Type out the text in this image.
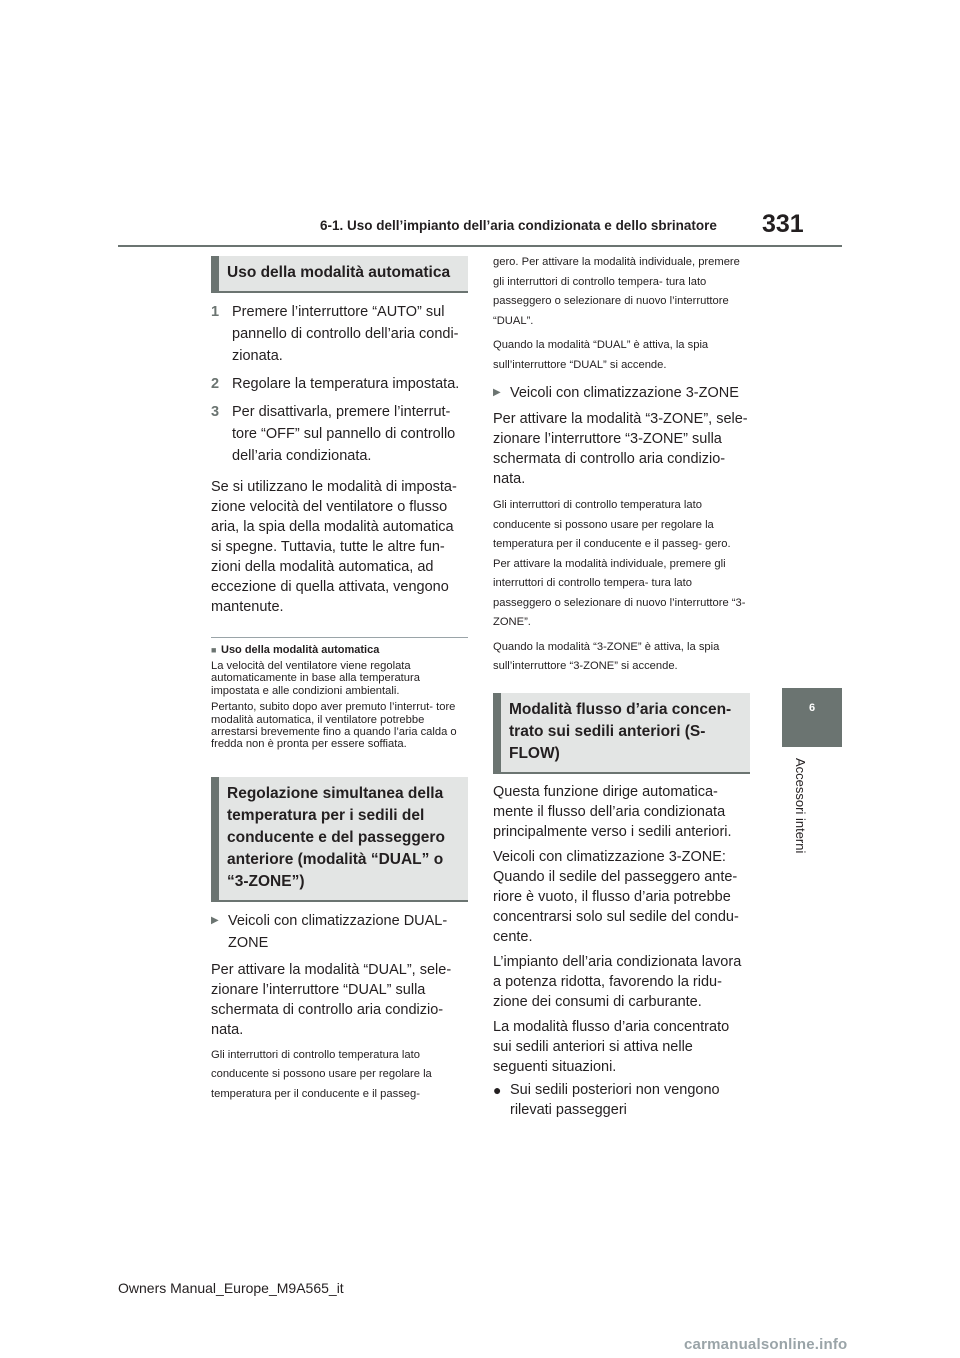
6-1. Uso dell’impianto dell’aria condizionata e dello sbrinatore 331
6
Accessori interni
Uso della modalità automatica
1 Premere l’interruttore “AUTO” sul pannello di controllo dell’aria condi- zionata.
2 Regolare la temperatura impostata.
3 Per disattivarla, premere l’interrut- tore “OFF” sul pannello di controllo dell’aria condizionata.

Se si utilizzano le modalità di imposta- zione velocità del ventilatore o flusso aria, la spia della modalità automatica si spegne. Tuttavia, tutte le altre fun- zioni della modalità automatica, ad eccezione di quella attivata, vengono mantenute.

■ Uso della modalità automatica

La velocità del ventilatore viene regolata automaticamente in base alla temperatura impostata e alle condizioni ambientali.

Pertanto, subito dopo aver premuto l’interrut- tore modalità automatica, il ventilatore potrebbe arrestarsi brevemente fino a quando l’aria calda o fredda non è pronta per essere soffiata.

Regolazione simultanea della temperatura per i sedili del conducente e del passeggero anteriore (modalità “DUAL” o “3-ZONE”)
▶ Veicoli con climatizzazione DUAL- ZONE

Per attivare la modalità “DUAL”, sele- zionare l’interruttore “DUAL” sulla schermata di controllo aria condizio- nata.

Gli interruttori di controllo temperatura lato conducente si possono usare per regolare la temperatura per il conducente e il passeg-

gero. Per attivare la modalità individuale, premere gli interruttori di controllo tempera- tura lato passeggero o selezionare di nuovo l’interruttore “DUAL”.

Quando la modalità “DUAL” è attiva, la spia sull’interruttore “DUAL” si accende.

▶ Veicoli con climatizzazione 3-ZONE

Per attivare la modalità “3-ZONE”, sele- zionare l’interruttore “3-ZONE” sulla schermata di controllo aria condizio- nata.

Gli interruttori di controllo temperatura lato conducente si possono usare per regolare la temperatura per il conducente e il passeg- gero. Per attivare la modalità individuale, premere gli interruttori di controllo tempera- tura lato passeggero o selezionare di nuovo l’interruttore “3-ZONE”.

Quando la modalità “3-ZONE” è attiva, la spia sull’interruttore “3-ZONE” si accende.

Modalità flusso d’aria concen- trato sui sedili anteriori (S- FLOW)

Questa funzione dirige automatica- mente il flusso dell’aria condizionata principalmente verso i sedili anteriori.

Veicoli con climatizzazione 3-ZONE: Quando il sedile del passeggero ante- riore è vuoto, il flusso d’aria potrebbe concentrarsi solo sul sedile del condu- cente.

L’impianto dell’aria condizionata lavora a potenza ridotta, favorendo la ridu- zione dei consumi di carburante.

La modalità flusso d’aria concentrato sui sedili anteriori si attiva nelle seguenti situazioni.

● Sui sedili posteriori non vengono rilevati passeggeri
Owners Manual_Europe_M9A565_it
carmanualsonline.info
